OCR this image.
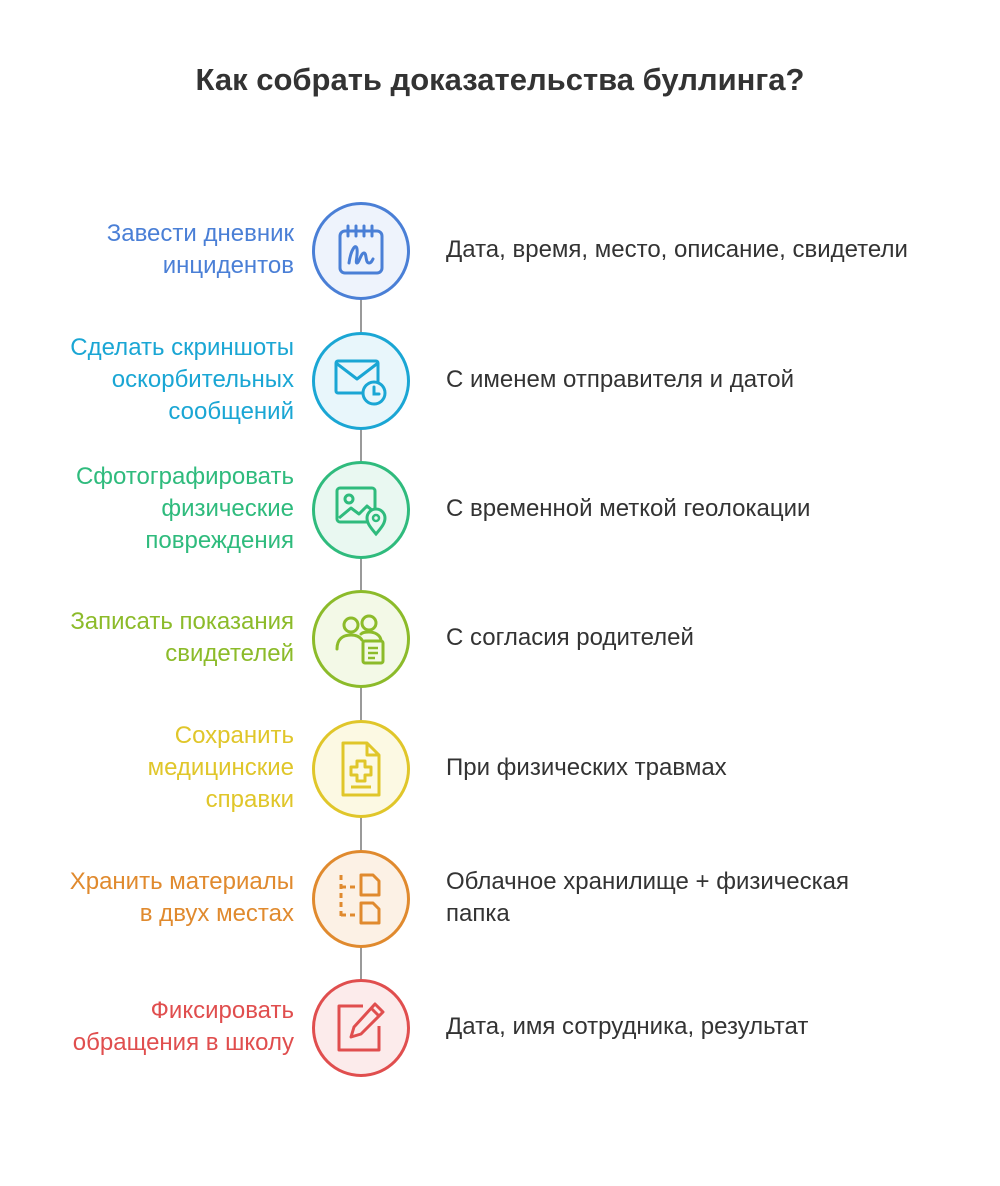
Как собрать доказательства буллинга?
Завести дневник
инцидентов
Дата, время, место, описание, свидетели
Сделать скриншоты
оскорбительных
сообщений
С именем отправителя и датой
Сфотографировать
физические
повреждения
С временной меткой геолокации
Записать показания
свидетелей
С согласия родителей
Сохранить
медицинские
справки
При физических травмах
Хранить материалы
в двух местах
Облачное хранилище + физическая
папка
Фиксировать
обращения в школу
Дата, имя сотрудника, результат
